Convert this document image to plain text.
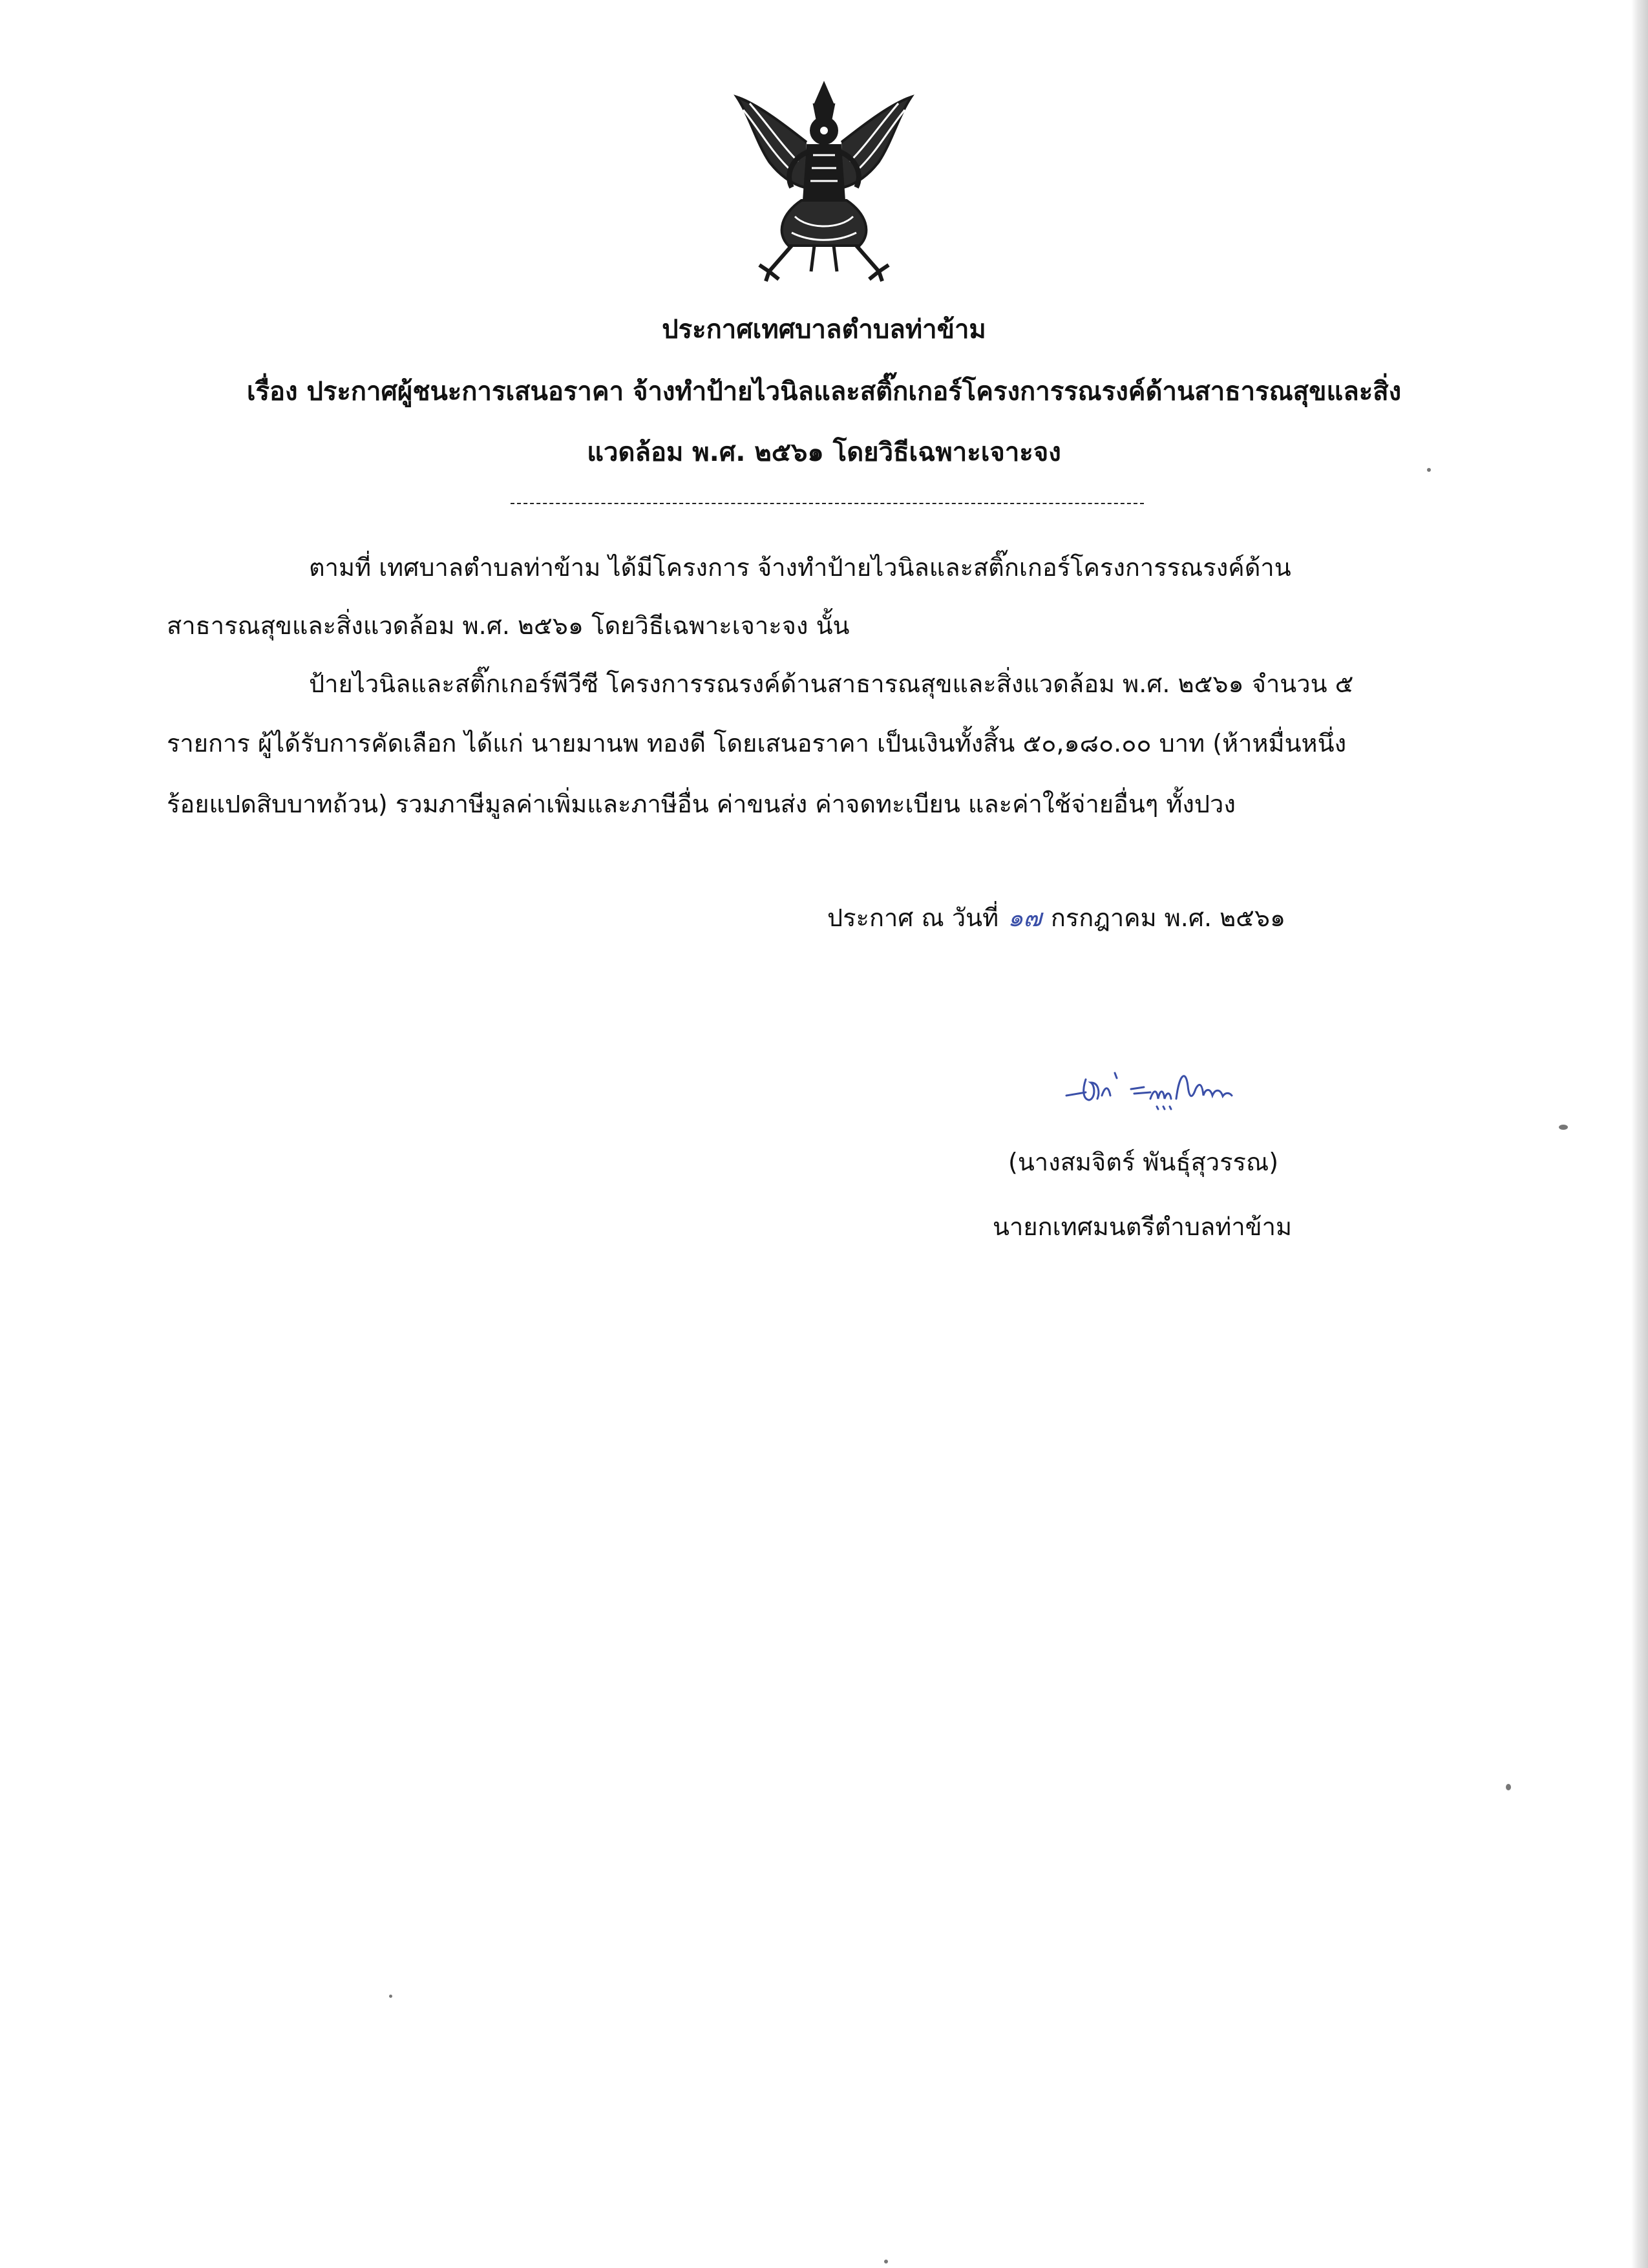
ประกาศเทศบาลตำบลท่าข้าม
เรื่อง ประกาศผู้ชนะการเสนอราคา จ้างทำป้ายไวนิลและสติ๊กเกอร์โครงการรณรงค์ด้านสาธารณสุขและสิ่ง
แวดล้อม พ.ศ. ๒๕๖๑ โดยวิธีเฉพาะเจาะจง
ตามที่ เทศบาลตำบลท่าข้าม ได้มีโครงการ จ้างทำป้ายไวนิลและสติ๊กเกอร์โครงการรณรงค์ด้าน
สาธารณสุขและสิ่งแวดล้อม พ.ศ. ๒๕๖๑ โดยวิธีเฉพาะเจาะจง นั้น
ป้ายไวนิลและสติ๊กเกอร์พีวีซี โครงการรณรงค์ด้านสาธารณสุขและสิ่งแวดล้อม พ.ศ. ๒๕๖๑ จำนวน ๕
รายการ ผู้ได้รับการคัดเลือก ได้แก่ นายมานพ ทองดี โดยเสนอราคา เป็นเงินทั้งสิ้น ๕๐,๑๘๐.๐๐ บาท (ห้าหมื่นหนึ่ง
ร้อยแปดสิบบาทถ้วน) รวมภาษีมูลค่าเพิ่มและภาษีอื่น ค่าขนส่ง ค่าจดทะเบียน และค่าใช้จ่ายอื่นๆ ทั้งปวง
ประกาศ ณ วันที่ ๑๗ กรกฎาคม พ.ศ. ๒๕๖๑
(นางสมจิตร์ พันธุ์สุวรรณ)
นายกเทศมนตรีตำบลท่าข้าม
